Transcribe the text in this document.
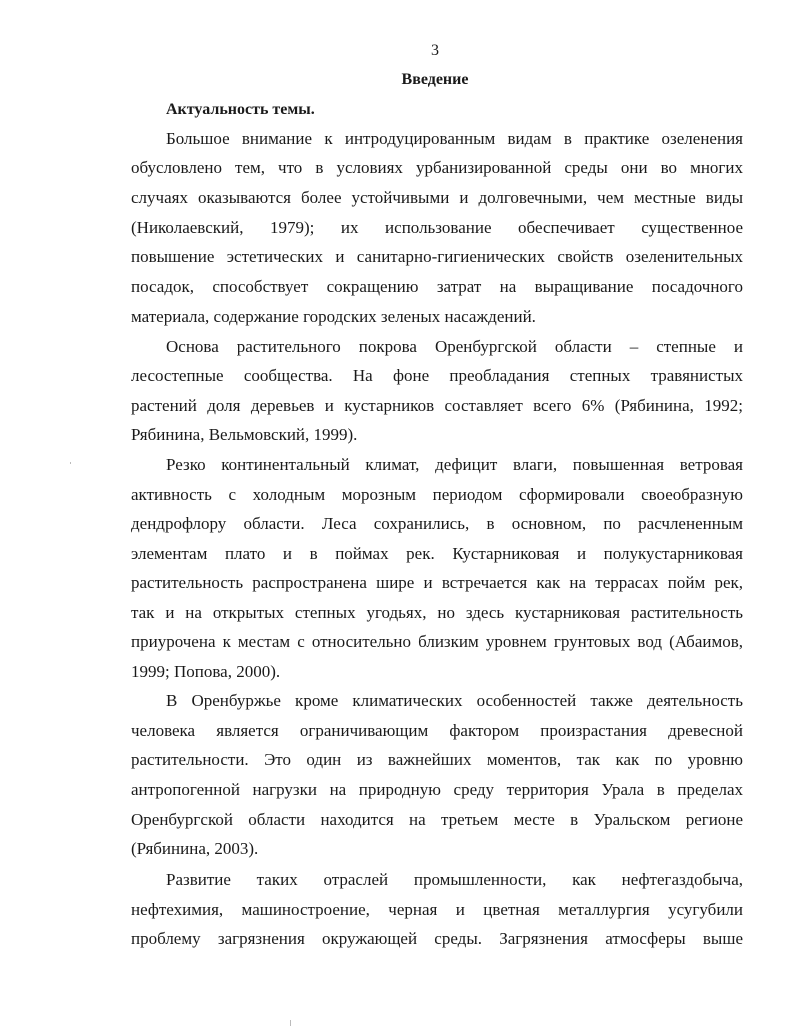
3
Введение
Актуальность темы.
Большое внимание к интродуцированным видам в практике озеленения
обусловлено тем, что в условиях урбанизированной среды они во многих
случаях оказываются более устойчивыми и долговечными, чем местные виды
(Николаевский, 1979); их использование обеспечивает существенное
повышение эстетических и санитарно-гигиенических свойств озеленительных
посадок, способствует сокращению затрат на выращивание посадочного
материала, содержание городских зеленых насаждений.
Основа растительного покрова Оренбургской области – степные и
лесостепные сообщества. На фоне преобладания степных травянистых
растений доля деревьев и кустарников составляет всего 6% (Рябинина, 1992;
Рябинина, Вельмовский, 1999).
Резко континентальный климат, дефицит влаги, повышенная ветровая
активность с холодным морозным периодом сформировали своеобразную
дендрофлору области. Леса сохранились, в основном, по расчлененным
элементам плато и в поймах рек. Кустарниковая и полукустарниковая
растительность распространена шире и встречается как на террасах пойм рек,
так и на открытых степных угодьях, но здесь кустарниковая растительность
приурочена к местам с относительно близким уровнем грунтовых вод (Абаимов,
1999; Попова, 2000).
В Оренбуржье кроме климатических особенностей также деятельность
человека является ограничивающим фактором произрастания древесной
растительности. Это один из важнейших моментов, так как по уровню
антропогенной нагрузки на природную среду территория Урала в пределах
Оренбургской области находится на третьем месте в Уральском регионе
(Рябинина, 2003).
Развитие таких отраслей промышленности, как нефтегаздобыча,
нефтехимия, машиностроение, черная и цветная металлургия усугубили
проблему загрязнения окружающей среды. Загрязнения атмосферы выше
